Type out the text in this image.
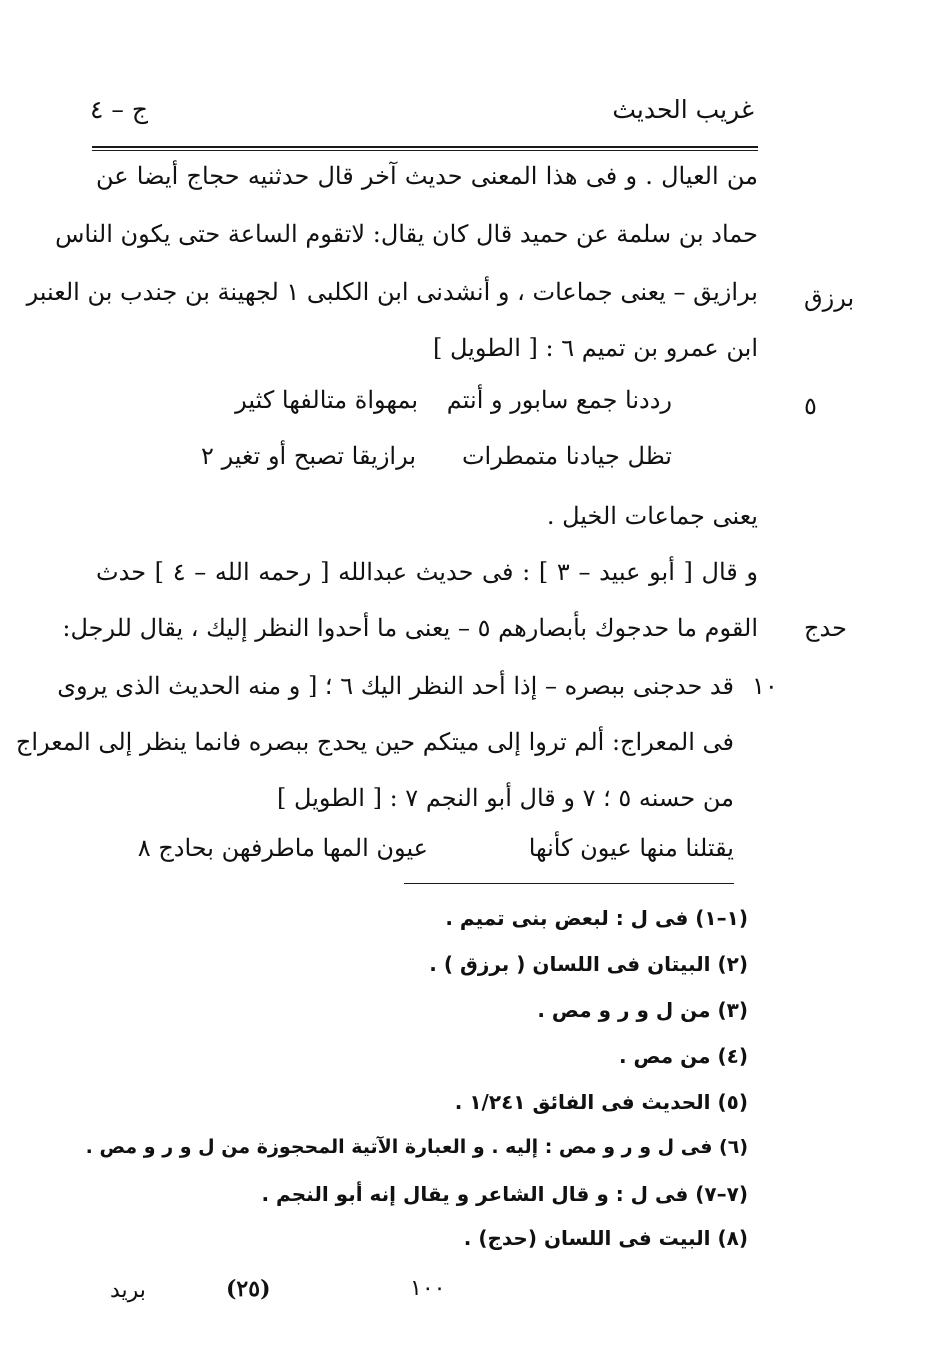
غريب الحديث
ج – ٤
من العيال . و فى هذا المعنى حديث آخر قال حدثنيه حجاج أيضا عن
حماد بن سلمة عن حميد قال كان يقال: لاتقوم الساعة حتى يكون الناس
برازيق – يعنى جماعات ، و أنشدنى ابن الكلبى ١ لجهينة بن جندب بن العنبر
ابن عمرو بن تميم ٦ : [ الطويل ]
برزق
٥
حدج
١٠
رددنا جمع سابور و أنتم
بمهواة متالفها كثير
تظل جيادنا متمطرات
برازيقا تصبح أو تغير ٢
يعنى جماعات الخيل .
و قال [ أبو عبيد – ٣ ] : فى حديث عبدالله [ رحمه الله – ٤ ] حدث
القوم ما حدجوك بأبصارهم ٥ – يعنى ما أحدوا النظر إليك ، يقال للرجل:
قد حدجنى ببصره – إذا أحد النظر اليك ٦ ؛ [ و منه الحديث الذى يروى
فى المعراج: ألم تروا إلى ميتكم حين يحدج ببصره فانما ينظر إلى المعراج
من حسنه ٥ ؛ ٧ و قال أبو النجم ٧ : [ الطويل ]
يقتلنا منها عيون كأنها
عيون المها ماطرفهن بحادج ٨
(١–١) فى ل : لبعض بنى تميم .
(٢) البيتان فى اللسان ( برزق ) .
(٣) من ل و ر و مص .
(٤) من مص .
(٥) الحديث فى الفائق ١/٢٤١ .
(٦) فى ل و ر و مص : إليه . و العبارة الآتية المحجوزة من ل و ر و مص .
(٧–٧) فى ل : و قال الشاعر و يقال إنه أبو النجم .
(٨) البيت فى اللسان (حدج) .
١٠٠
(٢٥)
بريد
